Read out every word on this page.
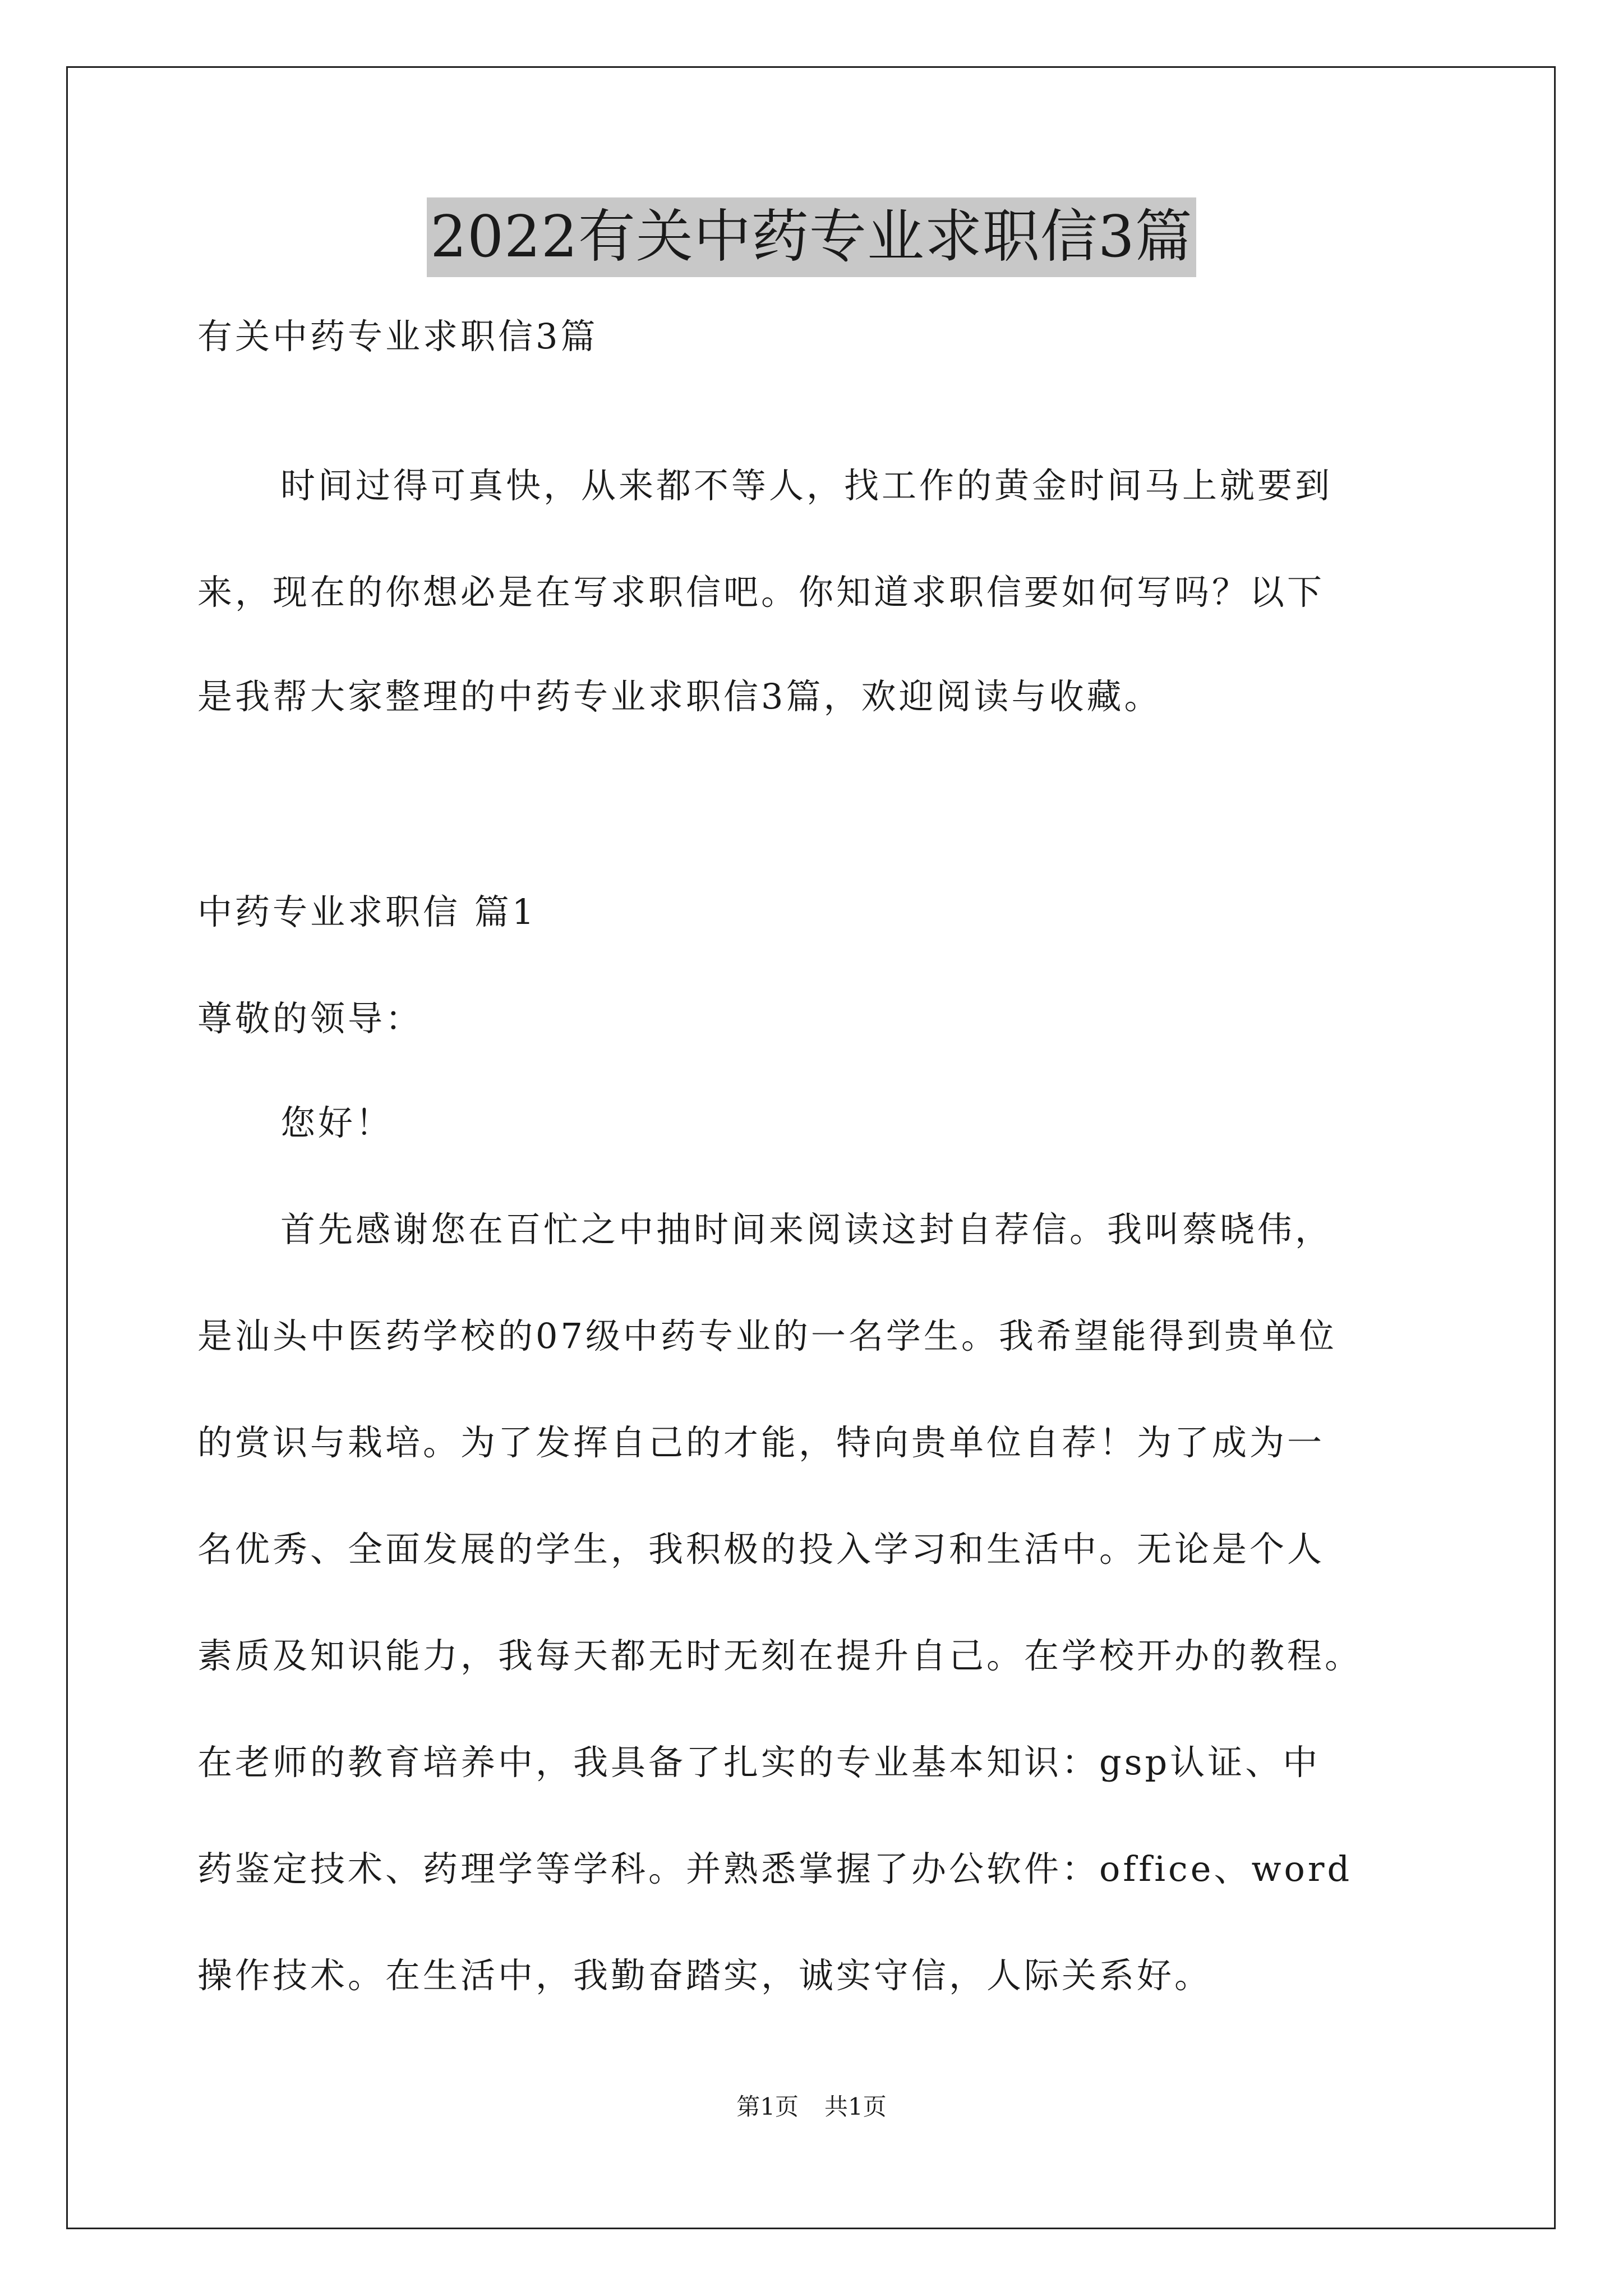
2022有关中药专业求职信3篇
有关中药专业求职信3篇
时间过得可真快，从来都不等人，找工作的黄金时间马上就要到
来，现在的你想必是在写求职信吧。你知道求职信要如何写吗？以下
是我帮大家整理的中药专业求职信3篇，欢迎阅读与收藏。
中药专业求职信 篇1
尊敬的领导：
您好！
首先感谢您在百忙之中抽时间来阅读这封自荐信。我叫蔡晓伟，
是汕头中医药学校的07级中药专业的一名学生。我希望能得到贵单位
的赏识与栽培。为了发挥自己的才能，特向贵单位自荐！为了成为一
名优秀、全面发展的学生，我积极的投入学习和生活中。无论是个人
素质及知识能力，我每天都无时无刻在提升自己。在学校开办的教程。
在老师的教育培养中，我具备了扎实的专业基本知识：gsp认证、中
药鉴定技术、药理学等学科。并熟悉掌握了办公软件：office、word
操作技术。在生活中，我勤奋踏实，诚实守信，人际关系好。
第1页 共1页
